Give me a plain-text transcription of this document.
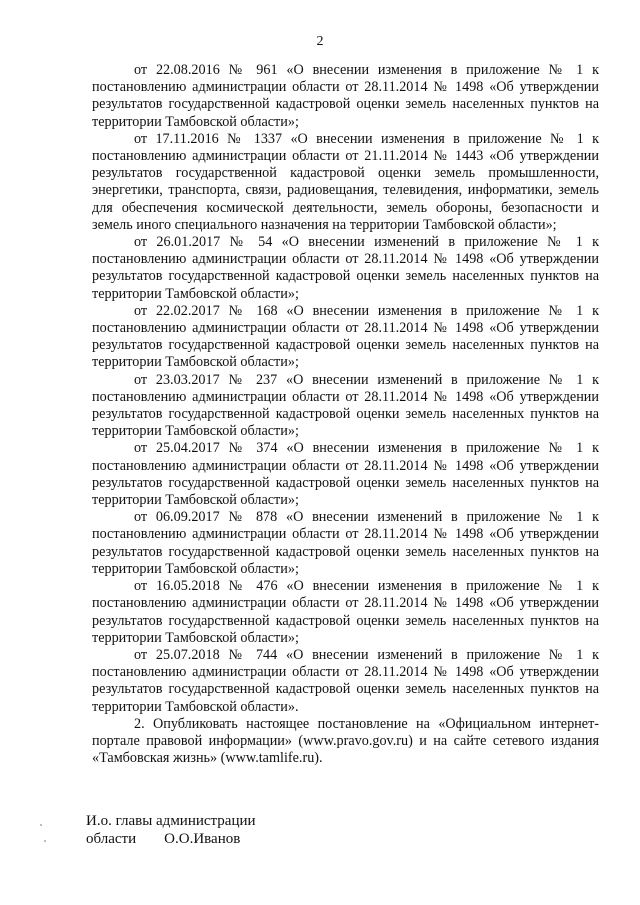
2

от 22.08.2016 № 961 «О внесении изменения в приложение № 1 к постановлению администрации области от 28.11.2014 № 1498 «Об утверждении результатов государственной кадастровой оценки земель населенных пунктов на территории Тамбовской области»;

от 17.11.2016 № 1337 «О внесении изменения в приложение № 1 к постановлению администрации области от 21.11.2014 № 1443 «Об утверждении результатов государственной кадастровой оценки земель промышленности, энергетики, транспорта, связи, радиовещания, телевидения, информатики, земель для обеспечения космической деятельности, земель обороны, безопасности и земель иного специального назначения на территории Тамбовской области»;

от 26.01.2017 № 54 «О внесении изменений в приложение № 1 к постановлению администрации области от 28.11.2014 № 1498 «Об утверждении результатов государственной кадастровой оценки земель населенных пунктов на территории Тамбовской области»;

от 22.02.2017 № 168 «О внесении изменения в приложение № 1 к постановлению администрации области от 28.11.2014 № 1498 «Об утверждении результатов государственной кадастровой оценки земель населенных пунктов на территории Тамбовской области»;

от 23.03.2017 № 237 «О внесении изменений в приложение № 1 к постановлению администрации области от 28.11.2014 № 1498 «Об утверждении результатов государственной кадастровой оценки земель населенных пунктов на территории Тамбовской области»;

от 25.04.2017 № 374 «О внесении изменения в приложение № 1 к постановлению администрации области от 28.11.2014 № 1498 «Об утверждении результатов государственной кадастровой оценки земель населенных пунктов на территории Тамбовской области»;

от 06.09.2017 № 878 «О внесении изменений в приложение № 1 к постановлению администрации области от 28.11.2014 № 1498 «Об утверждении результатов государственной кадастровой оценки земель населенных пунктов на территории Тамбовской области»;

от 16.05.2018 № 476 «О внесении изменения в приложение № 1 к постановлению администрации области от 28.11.2014 № 1498 «Об утверждении результатов государственной кадастровой оценки земель населенных пунктов на территории Тамбовской области»;

от 25.07.2018 № 744 «О внесении изменений в приложение № 1 к постановлению администрации области от 28.11.2014 № 1498 «Об утверждении результатов государственной кадастровой оценки земель населенных пунктов на территории Тамбовской области».

2. Опубликовать настоящее постановление на «Официальном интернет-портале правовой информации» (www.pravo.gov.ru) и на сайте сетевого издания «Тамбовская жизнь» (www.tamlife.ru).

И.о. главы администрации
области О.О.Иванов
